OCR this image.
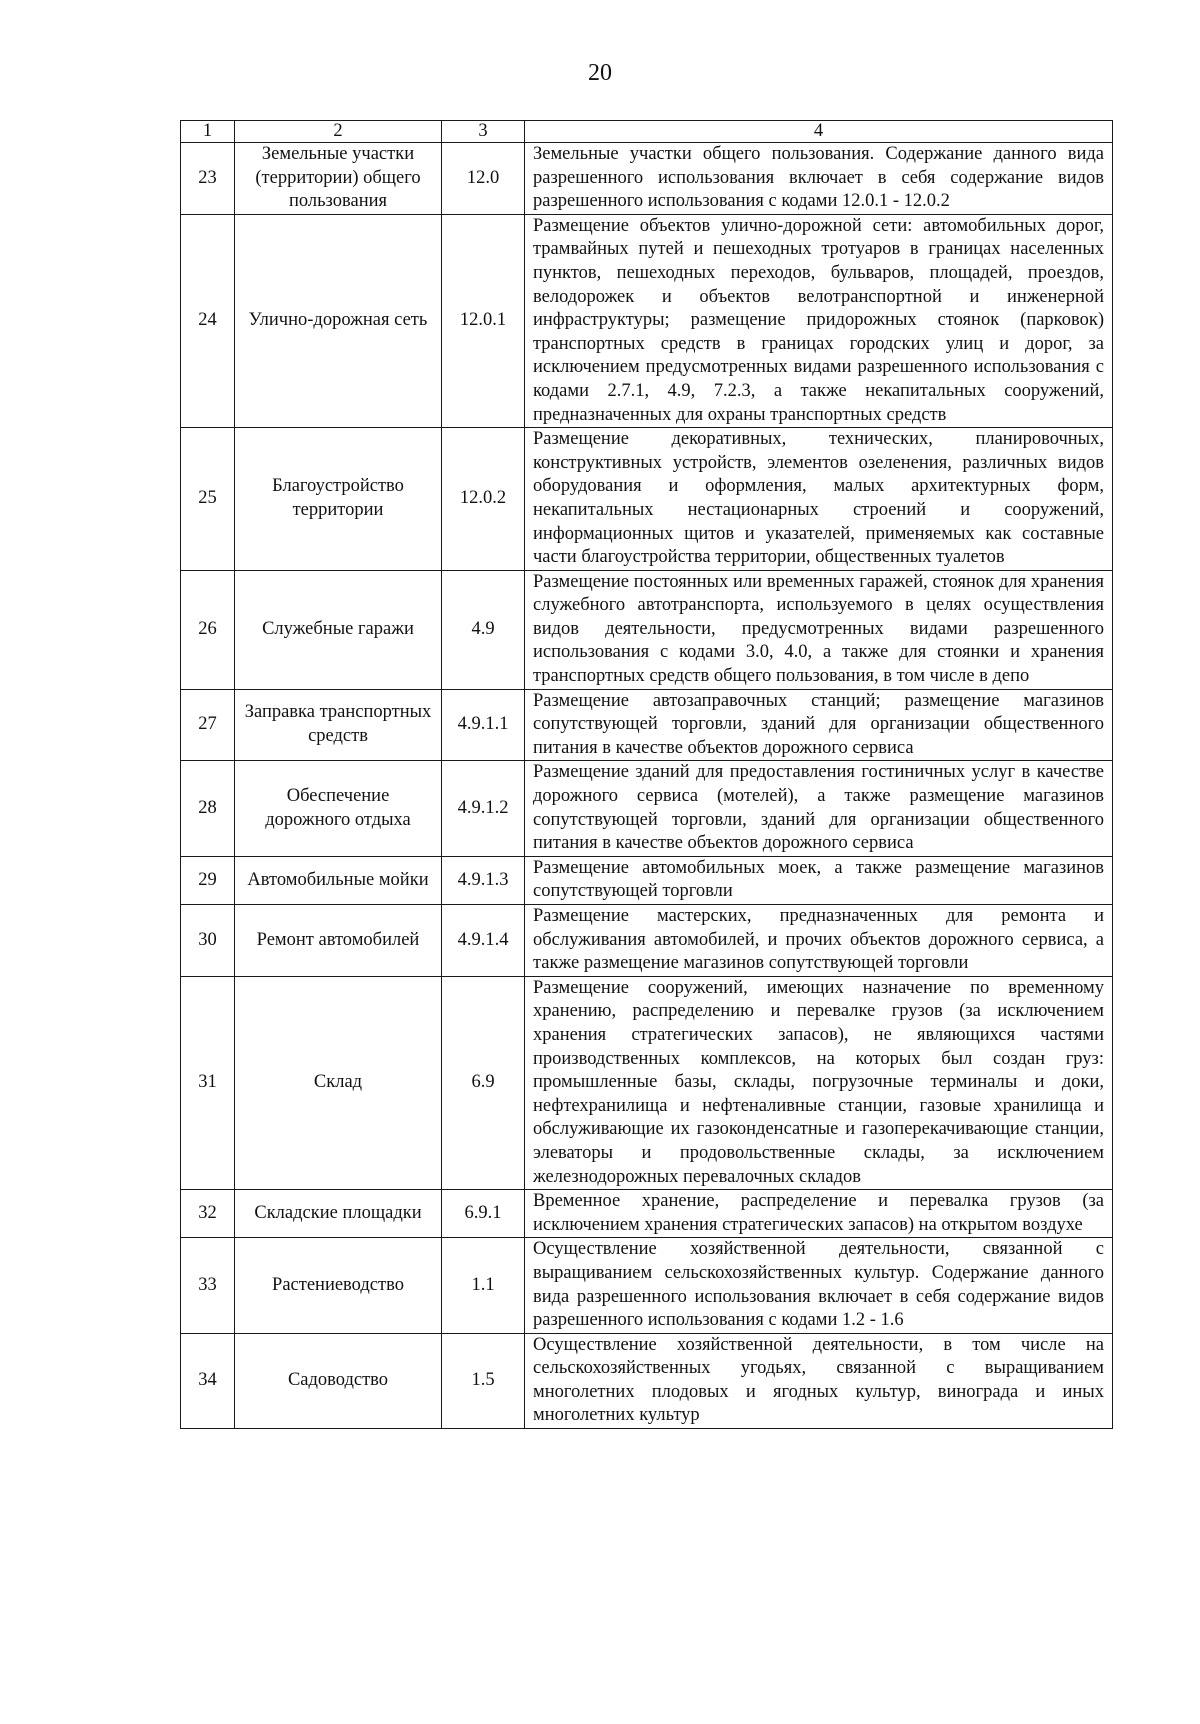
20
1	2	3	4
23	Земельные участки (территории) общего пользования	12.0	Земельные участки общего пользования. Содержание данного вида разрешенного использования включает в себя содержание видов разрешенного использования с кодами 12.0.1 - 12.0.2
24	Улично-дорожная сеть	12.0.1	Размещение объектов улично-дорожной сети: автомобильных дорог, трамвайных путей и пешеходных тротуаров в границах населенных пунктов, пешеходных переходов, бульваров, площадей, проездов, велодорожек и объектов велотранспортной и инженерной инфраструктуры; размещение придорожных стоянок (парковок) транспортных средств в границах городских улиц и дорог, за исключением предусмотренных видами разрешенного использования с кодами 2.7.1, 4.9, 7.2.3, а также некапитальных сооружений, предназначенных для охраны транспортных средств
25	Благоустройство территории	12.0.2	Размещение декоративных, технических, планировочных, конструктивных устройств, элементов озеленения, различных видов оборудования и оформления, малых архитектурных форм, некапитальных нестационарных строений и сооружений, информационных щитов и указателей, применяемых как составные части благоустройства территории, общественных туалетов
26	Служебные гаражи	4.9	Размещение постоянных или временных гаражей, стоянок для хранения служебного автотранспорта, используемого в целях осуществления видов деятельности, предусмотренных видами разрешенного использования с кодами 3.0, 4.0, а также для стоянки и хранения транспортных средств общего пользования, в том числе в депо
27	Заправка транспортных средств	4.9.1.1	Размещение автозаправочных станций; размещение магазинов сопутствующей торговли, зданий для организации общественного питания в качестве объектов дорожного сервиса
28	Обеспечение дорожного отдыха	4.9.1.2	Размещение зданий для предоставления гостиничных услуг в качестве дорожного сервиса (мотелей), а также размещение магазинов сопутствующей торговли, зданий для организации общественного питания в качестве объектов дорожного сервиса
29	Автомобильные мойки	4.9.1.3	Размещение автомобильных моек, а также размещение магазинов сопутствующей торговли
30	Ремонт автомобилей	4.9.1.4	Размещение мастерских, предназначенных для ремонта и обслуживания автомобилей, и прочих объектов дорожного сервиса, а также размещение магазинов сопутствующей торговли
31	Склад	6.9	Размещение сооружений, имеющих назначение по временному хранению, распределению и перевалке грузов (за исключением хранения стратегических запасов), не являющихся частями производственных комплексов, на которых был создан груз: промышленные базы, склады, погрузочные терминалы и доки, нефтехранилища и нефтеналивные станции, газовые хранилища и обслуживающие их газоконденсатные и газоперекачивающие станции, элеваторы и продовольственные склады, за исключением железнодорожных перевалочных складов
32	Складские площадки	6.9.1	Временное хранение, распределение и перевалка грузов (за исключением хранения стратегических запасов) на открытом воздухе
33	Растениеводство	1.1	Осуществление хозяйственной деятельности, связанной с выращиванием сельскохозяйственных культур. Содержание данного вида разрешенного использования включает в себя содержание видов разрешенного использования с кодами 1.2 - 1.6
34	Садоводство	1.5	Осуществление хозяйственной деятельности, в том числе на сельскохозяйственных угодьях, связанной с выращиванием многолетних плодовых и ягодных культур, винограда и иных многолетних культур
